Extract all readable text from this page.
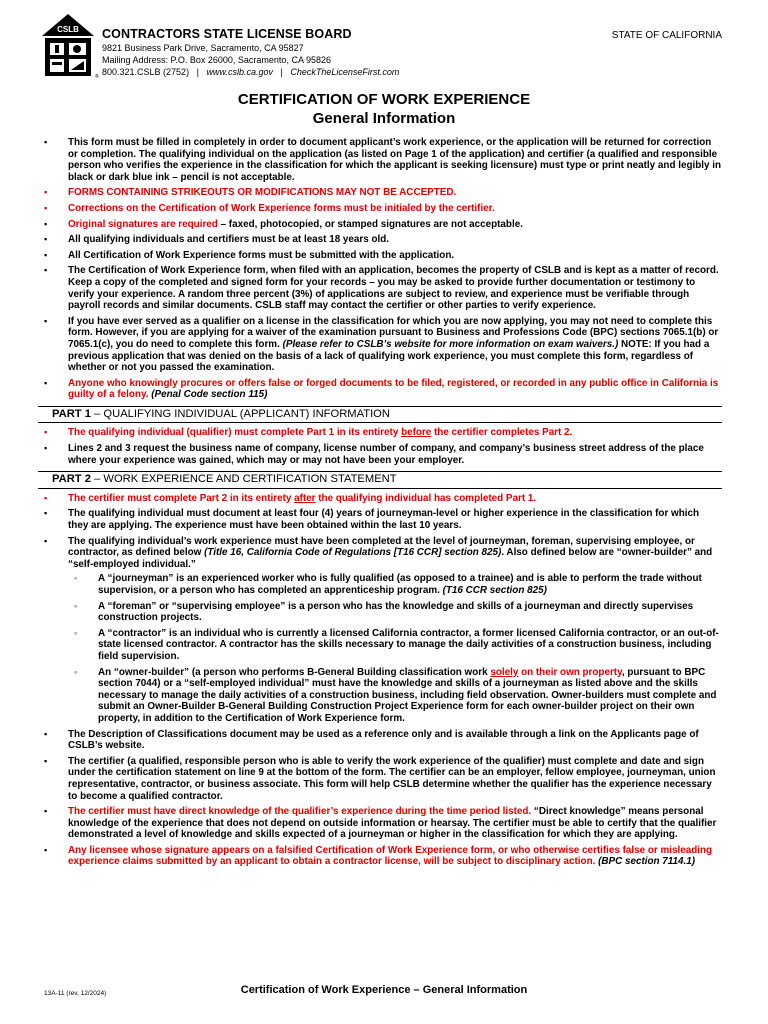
CSLB CONTRACTORS STATE LICENSE BOARD	STATE OF CALIFORNIA
9821 Business Park Drive, Sacramento, CA 95827
Mailing Address: P.O. Box 26000, Sacramento, CA 95826
800.321.CSLB (2752) | www.cslb.ca.gov | CheckTheLicenseFirst.com
®
CERTIFICATION OF WORK EXPERIENCE
General Information
▪ This form must be filled in completely in order to document applicant’s work experience, or the application will be returned for correction or completion. The qualifying individual on the application (as listed on Page 1 of the application) and certifier (a qualified and responsible person who verifies the experience in the classification for which the applicant is seeking licensure) must type or print neatly and legibly in black or dark blue ink – pencil is not acceptable.
▪ FORMS CONTAINING STRIKEOUTS OR MODIFICATIONS MAY NOT BE ACCEPTED.
▪ Corrections on the Certification of Work Experience forms must be initialed by the certifier.
▪ Original signatures are required – faxed, photocopied, or stamped signatures are not acceptable.
▪ All qualifying individuals and certifiers must be at least 18 years old.
▪ All Certification of Work Experience forms must be submitted with the application.
▪ The Certification of Work Experience form, when filed with an application, becomes the property of CSLB and is kept as a matter of record. Keep a copy of the completed and signed form for your records – you may be asked to provide further documentation or testimony to verify your experience. A random three percent (3%) of applications are subject to review, and experience must be verifiable through payroll records and similar documents. CSLB staff may contact the certifier or other parties to verify experience.
▪ If you have ever served as a qualifier on a license in the classification for which you are now applying, you may not need to complete this form. However, if you are applying for a waiver of the examination pursuant to Business and Professions Code (BPC) sections 7065.1(b) or 7065.1(c), you do need to complete this form. (Please refer to CSLB’s website for more information on exam waivers.) NOTE: If you had a previous application that was denied on the basis of a lack of qualifying work experience, you must complete this form, regardless of whether or not you passed the examination.
▪ Anyone who knowingly procures or offers false or forged documents to be filed, registered, or recorded in any public office in California is guilty of a felony. (Penal Code section 115)
PART 1 – QUALIFYING INDIVIDUAL (APPLICANT) INFORMATION
▪ The qualifying individual (qualifier) must complete Part 1 in its entirety before the certifier completes Part 2.
▪ Lines 2 and 3 request the business name of company, license number of company, and company’s business street address of the place where your experience was gained, which may or may not have been your employer.
PART 2 – WORK EXPERIENCE AND CERTIFICATION STATEMENT
▪ The certifier must complete Part 2 in its entirety after the qualifying individual has completed Part 1.
▪ The qualifying individual must document at least four (4) years of journeyman-level or higher experience in the classification for which they are applying. The experience must have been obtained within the last 10 years.
▪ The qualifying individual’s work experience must have been completed at the level of journeyman, foreman, supervising employee, or contractor, as defined below (Title 16, California Code of Regulations [T16 CCR] section 825). Also defined below are “owner-builder” and “self-employed individual.”
◦ A “journeyman” is an experienced worker who is fully qualified (as opposed to a trainee) and is able to perform the trade without supervision, or a person who has completed an apprenticeship program. (T16 CCR section 825)
◦ A “foreman” or “supervising employee” is a person who has the knowledge and skills of a journeyman and directly supervises construction projects.
◦ A “contractor” is an individual who is currently a licensed California contractor, a former licensed California contractor, or an out-of-state licensed contractor. A contractor has the skills necessary to manage the daily activities of a construction business, including field supervision.
◦ An “owner-builder” (a person who performs B-General Building classification work solely on their own property, pursuant to BPC section 7044) or a “self-employed individual” must have the knowledge and skills of a journeyman as listed above and the skills necessary to manage the daily activities of a construction business, including field observation. Owner-builders must complete and submit an Owner-Builder B-General Building Construction Project Experience form for each owner-builder project on their own property, in addition to the Certification of Work Experience form.
▪ The Description of Classifications document may be used as a reference only and is available through a link on the Applicants page of CSLB’s website.
▪ The certifier (a qualified, responsible person who is able to verify the work experience of the qualifier) must complete and date and sign under the certification statement on line 9 at the bottom of the form. The certifier can be an employer, fellow employee, journeyman, union representative, contractor, or business associate. This form will help CSLB determine whether the qualifier has the experience necessary to become a qualified contractor.
▪ The certifier must have direct knowledge of the qualifier’s experience during the time period listed. “Direct knowledge” means personal knowledge of the experience that does not depend on outside information or hearsay. The certifier must be able to certify that the qualifier demonstrated a level of knowledge and skills expected of a journeyman or higher in the classification for which they are applying.
▪ Any licensee whose signature appears on a falsified Certification of Work Experience form, or who otherwise certifies false or misleading experience claims submitted by an applicant to obtain a contractor license, will be subject to disciplinary action. (BPC section 7114.1)
13A-11 (rev. 12/2024)	Certification of Work Experience – General Information
